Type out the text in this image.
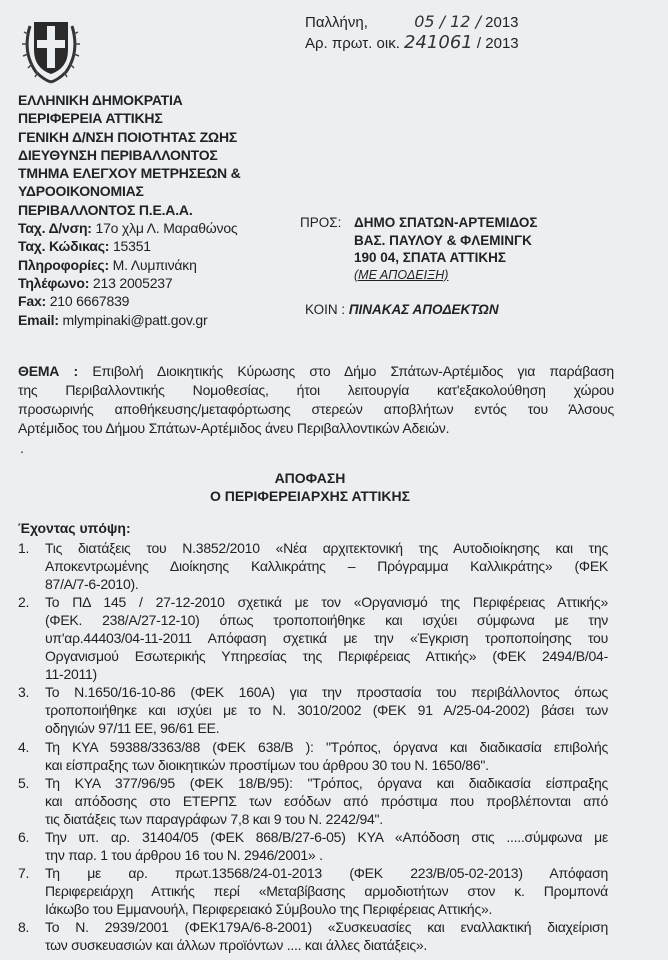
Παλλήνη,	05 / 12 / 2013
Αρ. πρωτ. οικ. 241061 / 2013
ΕΛΛΗΝΙΚΗ ΔΗΜΟΚΡΑΤΙΑ
ΠΕΡΙΦΕΡΕΙΑ ΑΤΤΙΚΗΣ
ΓΕΝΙΚΗ Δ/ΝΣΗ ΠΟΙΟΤΗΤΑΣ ΖΩΗΣ
ΔΙΕΥΘΥΝΣΗ ΠΕΡΙΒΑΛΛΟΝΤΟΣ
ΤΜΗΜΑ ΕΛΕΓΧΟΥ ΜΕΤΡΗΣΕΩΝ &
ΥΔΡΟΟΙΚΟΝΟΜΙΑΣ
ΠΕΡΙΒΑΛΛΟΝΤΟΣ Π.Ε.Α.Α.
Ταχ. Δ/νση: 17ο χλμ Λ. Μαραθώνος
Ταχ. Κώδικας: 15351
Πληροφορίες: Μ. Λυμπινάκη
Τηλέφωνο: 213 2005237
Fax: 210 6667839
Email: mlympinaki@patt.gov.gr
ΠΡΟΣ: ΔΗΜΟ ΣΠΑΤΩΝ-ΑΡΤΕΜΙΔΟΣ
ΒΑΣ. ΠΑΥΛΟΥ & ΦΛΕΜΙΝΓΚ
190 04, ΣΠΑΤΑ ΑΤΤΙΚΗΣ
(ΜΕ ΑΠΟΔΕΙΞΗ)
ΚΟΙΝ : ΠΙΝΑΚΑΣ ΑΠΟΔΕΚΤΩΝ
ΘΕΜΑ : Επιβολή Διοικητικής Κύρωσης στο Δήμο Σπάτων-Αρτέμιδος για παράβαση
της Περιβαλλοντικής Νομοθεσίας, ήτοι λειτουργία κατ'εξακολούθηση χώρου
προσωρινής αποθήκευσης/μεταφόρτωσης στερεών αποβλήτων εντός του Άλσους
Αρτέμιδος του Δήμου Σπάτων-Αρτέμιδος άνευ Περιβαλλοντικών Αδειών.
.
ΑΠΟΦΑΣΗ
Ο ΠΕΡΙΦΕΡΕΙΑΡΧΗΣ ΑΤΤΙΚΗΣ
Έχοντας υπόψη:
1.	Τις διατάξεις του Ν.3852/2010 «Νέα αρχιτεκτονική της Αυτοδιοίκησης και της
Αποκεντρωμένης Διοίκησης Καλλικράτης – Πρόγραμμα Καλλικράτης» (ΦΕΚ
87/Α/7-6-2010).
2.	Το ΠΔ 145 / 27-12-2010 σχετικά με τον «Οργανισμό της Περιφέρειας Αττικής»
(ΦΕΚ. 238/Α/27-12-10) όπως τροποποιήθηκε και ισχύει σύμφωνα με την
υπ'αρ.44403/04-11-2011 Απόφαση σχετικά με την «Έγκριση τροποποίησης του
Οργανισμού Εσωτερικής Υπηρεσίας της Περιφέρειας Αττικής» (ΦΕΚ 2494/Β/04-
11-2011)
3.	Το Ν.1650/16-10-86 (ΦΕΚ 160Α) για την προστασία του περιβάλλοντος όπως
τροποποιήθηκε και ισχύει με το Ν. 3010/2002 (ΦΕΚ 91 Α/25-04-2002) βάσει των
οδηγιών 97/11 ΕΕ, 96/61 ΕΕ.
4.	Τη ΚΥΑ 59388/3363/88 (ΦΕΚ 638/Β ): "Τρόπος, όργανα και διαδικασία επιβολής
και είσπραξης των διοικητικών προστίμων του άρθρου 30 του Ν. 1650/86".
5.	Τη ΚΥΑ 377/96/95 (ΦΕΚ 18/Β/95): "Τρόπος, όργανα και διαδικασία είσπραξης
και απόδοσης στο ΕΤΕΡΠΣ των εσόδων από πρόστιμα που προβλέπονται από
τις διατάξεις των παραγράφων 7,8 και 9 του Ν. 2242/94".
6.	Την υπ. αρ. 31404/05 (ΦΕΚ 868/Β/27-6-05) ΚΥΑ «Απόδοση στις .....σύμφωνα με
την παρ. 1 του άρθρου 16 του Ν. 2946/2001» .
7.	Τη με αρ. πρωτ.13568/24-01-2013 (ΦΕΚ 223/Β/05-02-2013) Απόφαση
Περιφερειάρχη Αττικής περί «Μεταβίβασης αρμοδιοτήτων στον κ. Προμπονά
Ιάκωβο του Εμμανουήλ, Περιφερειακό Σύμβουλο της Περιφέρειας Αττικής».
8.	Το Ν. 2939/2001 (ΦΕΚ179Α/6-8-2001) «Συσκευασίες και εναλλακτική διαχείριση
των συσκευασιών και άλλων προϊόντων .... και άλλες διατάξεις».
